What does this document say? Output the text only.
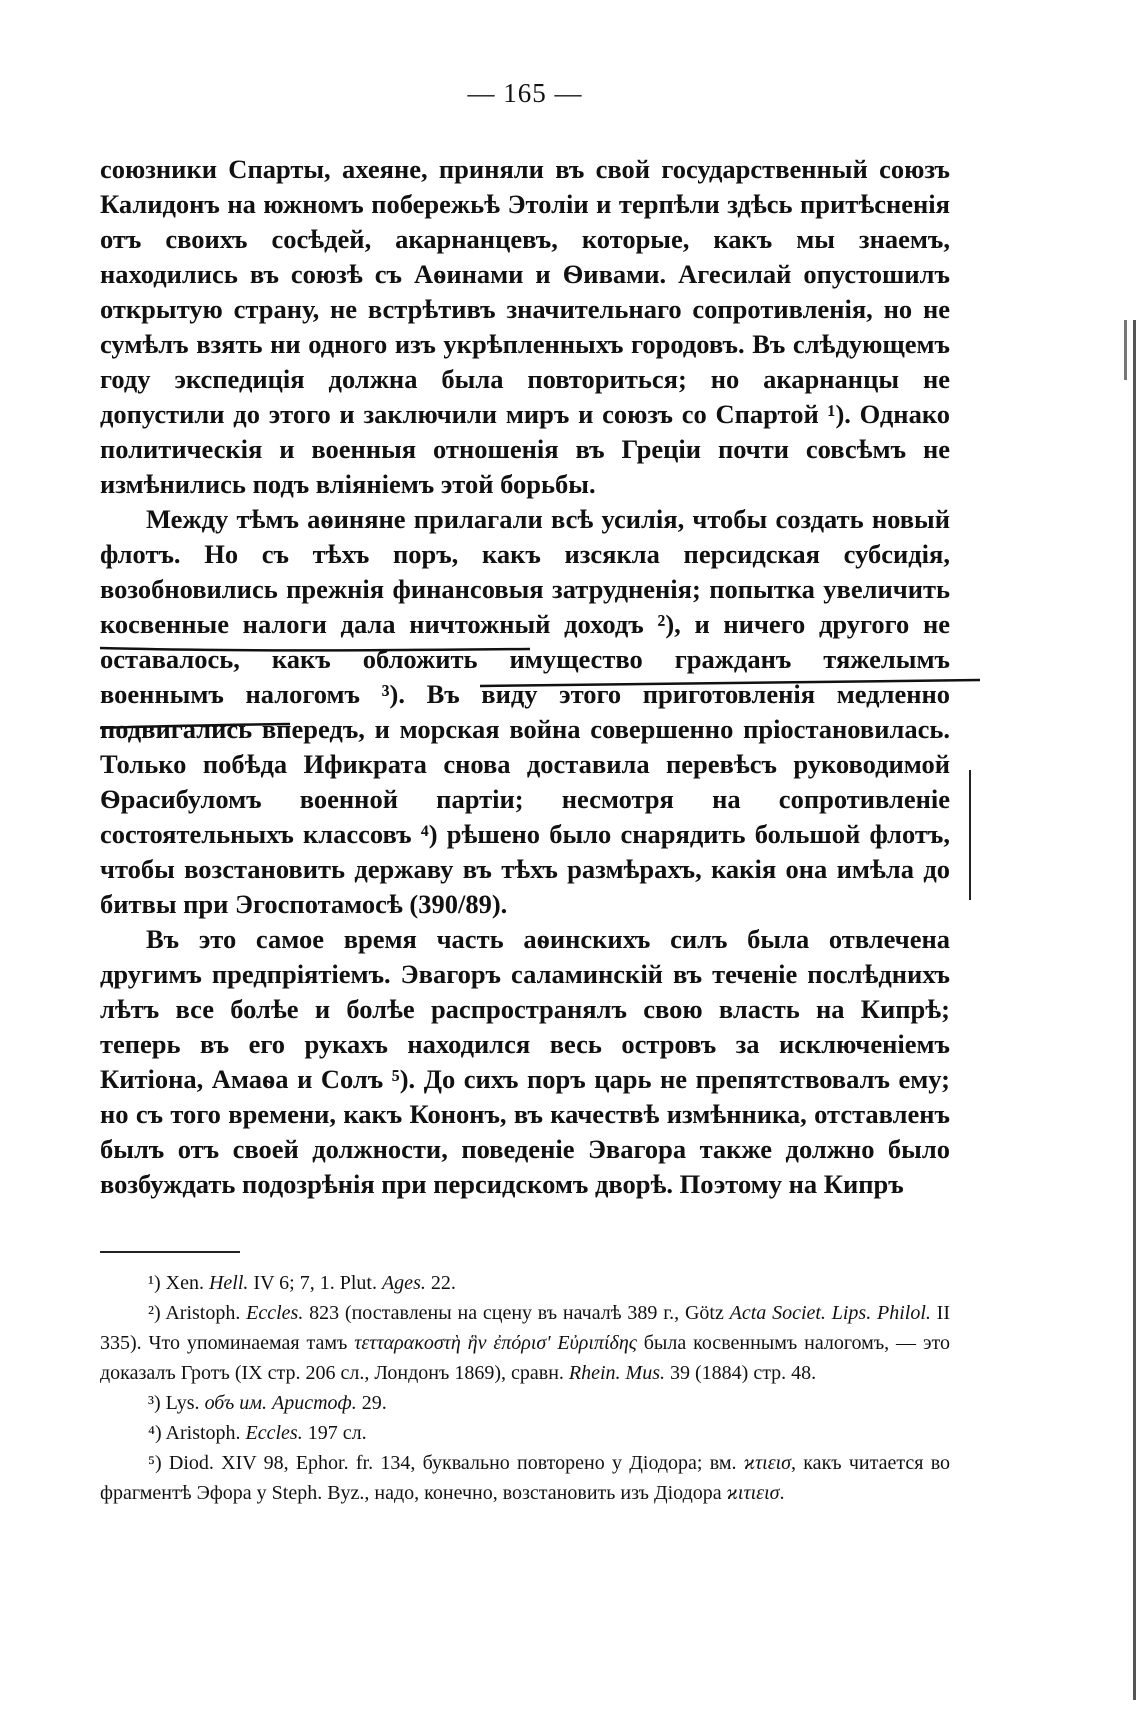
— 165 —

союзники Спарты, ахеяне, приняли въ свой государственный союзъ Калидонъ на южномъ побережьѣ Этоліи и терпѣли здѣсь притѣсненія отъ своихъ сосѣдей, акарнанцевъ, которые, какъ мы знаемъ, находились въ союзѣ съ Аѳинами и Ѳивами. Агесилай опустошилъ открытую страну, не встрѣтивъ значительнаго сопротивленія, но не сумѣлъ взять ни одного изъ укрѣпленныхъ городовъ. Въ слѣдующемъ году экспедиція должна была повториться; но акарнанцы не допустили до этого и заключили миръ и союзъ со Спартой ¹). Однако политическія и военныя отношенія въ Греціи почти совсѣмъ не измѣнились подъ вліяніемъ этой борьбы.

Между тѣмъ аѳиняне прилагали всѣ усилія, чтобы создать новый флотъ. Но съ тѣхъ поръ, какъ изсякла персидская субсидія, возобновились прежнія финансовыя затрудненія; попытка увеличить косвенные налоги дала ничтожный доходъ ²), и ничего другого не оставалось, какъ обложить имущество гражданъ тяжелымъ военнымъ налогомъ ³). Въ виду этого приготовленія медленно подвигались впередъ, и морская война совершенно пріостановилась. Только побѣда Ификрата снова доставила перевѣсъ руководимой Ѳрасибуломъ военной партіи; несмотря на сопротивленіе состоятельныхъ классовъ ⁴) рѣшено было снарядить большой флотъ, чтобы возстановить державу въ тѣхъ размѣрахъ, какія она имѣла до битвы при Эгоспотамосѣ (390/89).

Въ это самое время часть аѳинскихъ силъ была отвлечена другимъ предпріятіемъ. Эвагоръ саламинскій въ теченіе послѣднихъ лѣтъ все болѣе и болѣе распространялъ свою власть на Кипрѣ; теперь въ его рукахъ находился весь островъ за исключеніемъ Китіона, Амаѳа и Солъ ⁵). До сихъ поръ царь не препятствовалъ ему; но съ того времени, какъ Кононъ, въ качествѣ измѣнника, отставленъ былъ отъ своей должности, поведеніе Эвагора также должно было возбуждать подозрѣнія при персидскомъ дворѣ. Поэтому на Кипръ

¹) Xen. Hell. IV 6; 7, 1. Plut. Ages. 22.

²) Aristoph. Eccles. 823 (поставлены на сцену въ началѣ 389 г., Götz Acta Societ. Lips. Philol. II 335). Что упоминаемая тамъ τετταρακοστὴ ἣν ἐπόρισ' Εὐριπίδης была косвеннымъ налогомъ, — это доказалъ Гротъ (IX стр. 206 сл., Лондонъ 1869), сравн. Rhein. Mus. 39 (1884) стр. 48.

³) Lys. объ им. Аристоф. 29.

⁴) Aristoph. Eccles. 197 сл.

⁵) Diod. XIV 98, Ephor. fr. 134, буквально повторено у Діодора; вм. ϰτιεισ, какъ читается во фрагментѣ Эфора у Steph. Byz., надо, конечно, возстановить изъ Діодора ϰιτιεισ.
